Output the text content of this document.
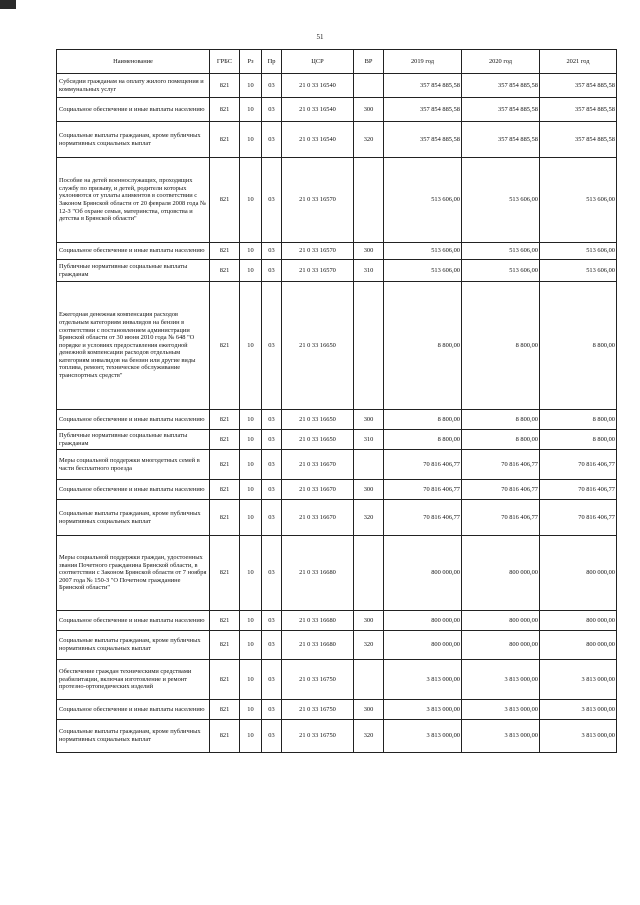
51
Наименование	ГРБС	Рз	Пр	ЦСР	ВР	2019 год	2020 год	2021 год
Субсидии гражданам на оплату жилого помещения и коммунальных услуг	821	10	03	21 0 33 16540		357 854 885,58	357 854 885,58	357 854 885,58
Социальное обеспечение и иные выплаты населению	821	10	03	21 0 33 16540	300	357 854 885,58	357 854 885,58	357 854 885,58
Социальные выплаты гражданам, кроме публичных нормативных социальных выплат	821	10	03	21 0 33 16540	320	357 854 885,58	357 854 885,58	357 854 885,58
Пособие на детей военнослужащих, проходящих службу по призыву, и детей, родители которых уклоняются от уплаты алиментов в соответствии с Законом Брянской области от 20 февраля 2008 года № 12-З "Об охране семьи, материнства, отцовства и детства в Брянской области"	821	10	03	21 0 33 16570		513 606,00	513 606,00	513 606,00
Социальное обеспечение и иные выплаты населению	821	10	03	21 0 33 16570	300	513 606,00	513 606,00	513 606,00
Публичные нормативные социальные выплаты гражданам	821	10	03	21 0 33 16570	310	513 606,00	513 606,00	513 606,00
Ежегодная денежная компенсация расходов отдельным категориям инвалидов на бензин в соответствии с постановлением администрации Брянской области от 30 июня 2010 года № 648 "О порядке и условиях предоставления ежегодной денежной компенсации расходов отдельным категориям инвалидов на бензин или другие виды топлива, ремонт, техническое обслуживание транспортных средств"	821	10	03	21 0 33 16650		8 800,00	8 800,00	8 800,00
Социальное обеспечение и иные выплаты населению	821	10	03	21 0 33 16650	300	8 800,00	8 800,00	8 800,00
Публичные нормативные социальные выплаты гражданам	821	10	03	21 0 33 16650	310	8 800,00	8 800,00	8 800,00
Меры социальной поддержки многодетных семей в части бесплатного проезда	821	10	03	21 0 33 16670		70 816 406,77	70 816 406,77	70 816 406,77
Социальное обеспечение и иные выплаты населению	821	10	03	21 0 33 16670	300	70 816 406,77	70 816 406,77	70 816 406,77
Социальные выплаты гражданам, кроме публичных нормативных социальных выплат	821	10	03	21 0 33 16670	320	70 816 406,77	70 816 406,77	70 816 406,77
Меры социальной поддержки граждан, удостоенных звания Почетного гражданина Брянской области, в соответствии с Законом Брянской области от 7 ноября 2007 года № 150-З "О Почетном гражданине Брянской области"	821	10	03	21 0 33 16680		800 000,00	800 000,00	800 000,00
Социальное обеспечение и иные выплаты населению	821	10	03	21 0 33 16680	300	800 000,00	800 000,00	800 000,00
Социальные выплаты гражданам, кроме публичных нормативных социальных выплат	821	10	03	21 0 33 16680	320	800 000,00	800 000,00	800 000,00
Обеспечение граждан техническими средствами реабилитации, включая изготовление и ремонт протезно-ортопедических изделий	821	10	03	21 0 33 16750		3 813 000,00	3 813 000,00	3 813 000,00
Социальное обеспечение и иные выплаты населению	821	10	03	21 0 33 16750	300	3 813 000,00	3 813 000,00	3 813 000,00
Социальные выплаты гражданам, кроме публичных нормативных социальных выплат	821	10	03	21 0 33 16750	320	3 813 000,00	3 813 000,00	3 813 000,00
